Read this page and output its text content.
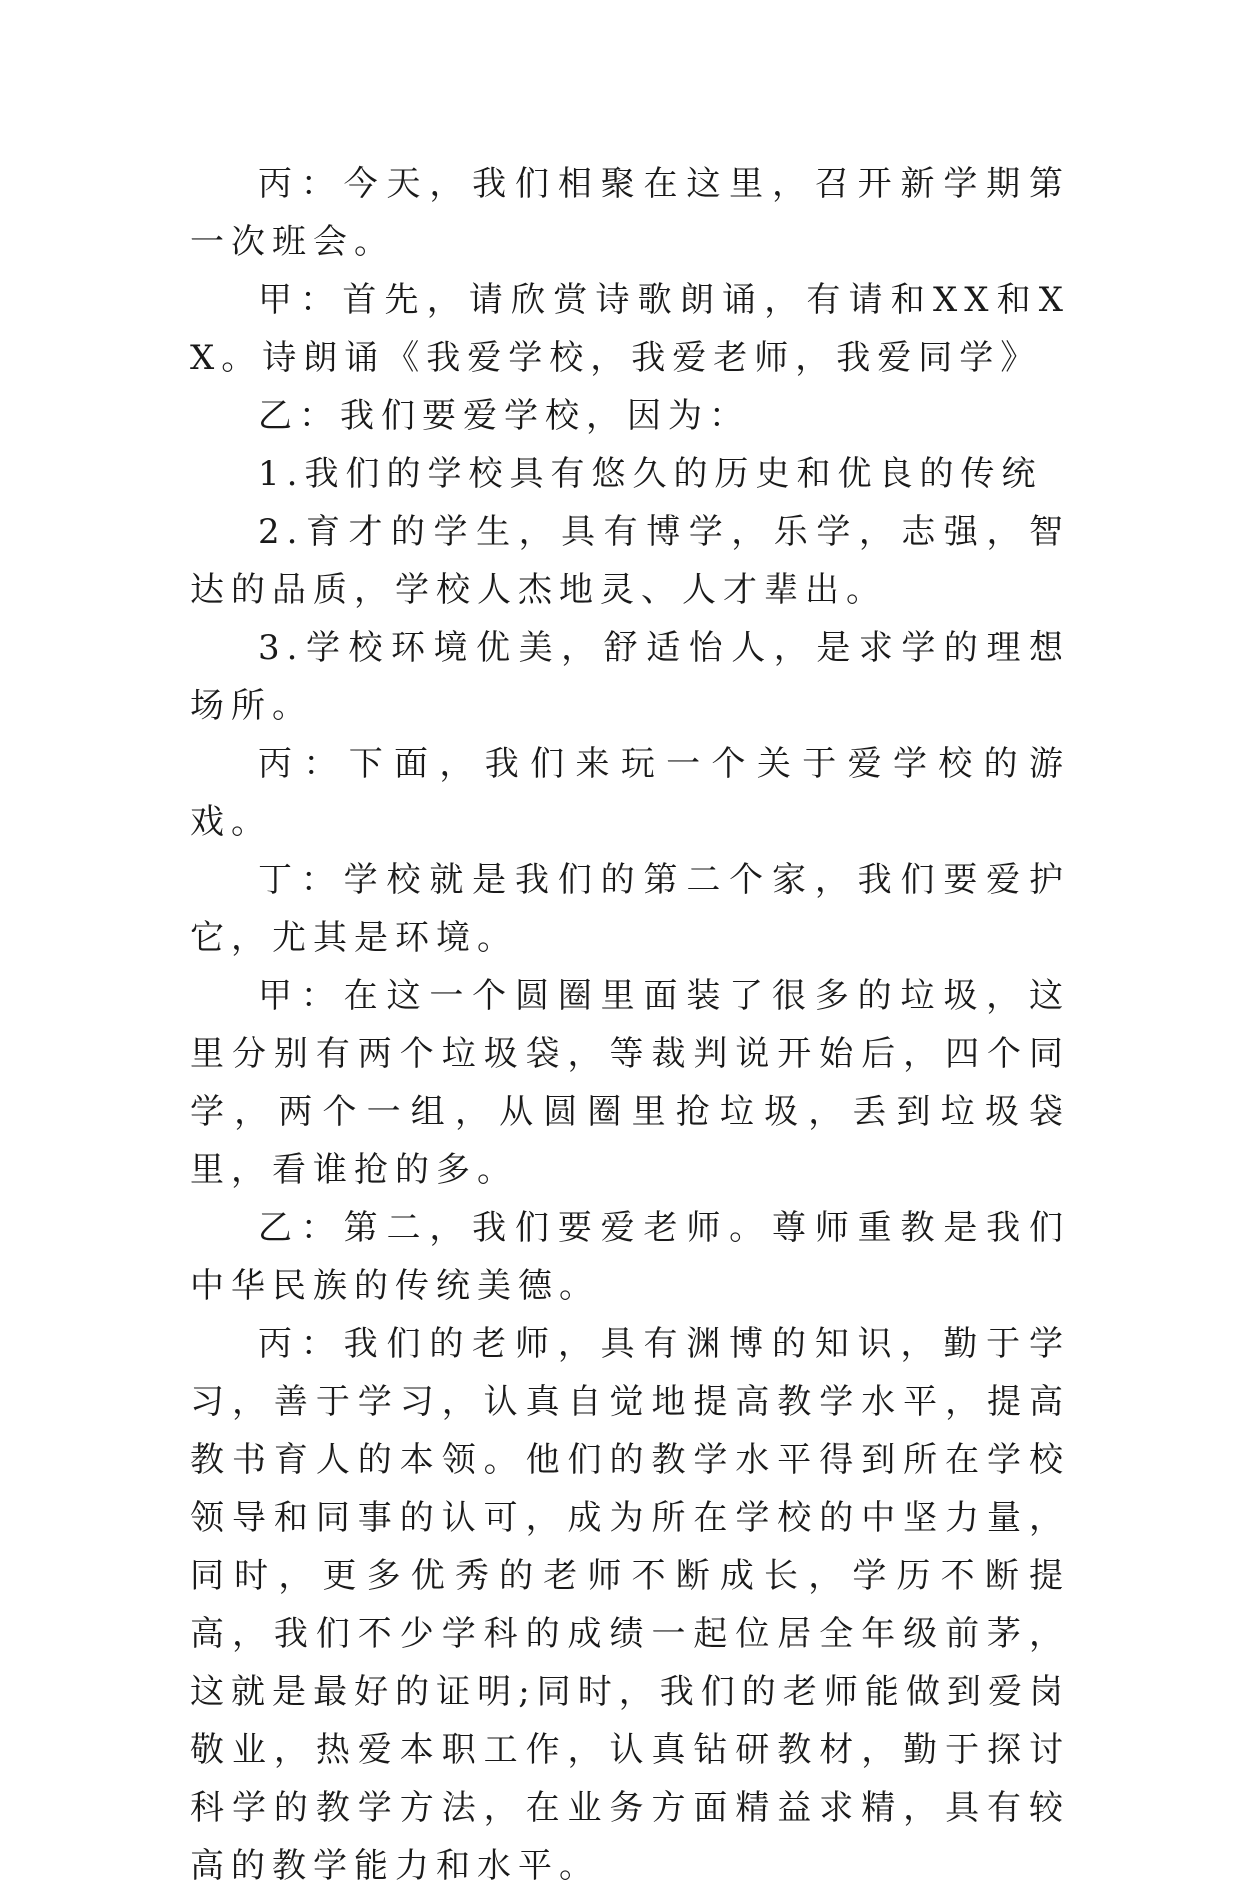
丙：今天，我们相聚在这里，召开新学期第一次班会。

甲：首先，请欣赏诗歌朗诵，有请和XX和XX。诗朗诵《我爱学校，我爱老师，我爱同学》

乙：我们要爱学校，因为：

1.我们的学校具有悠久的历史和优良的传统

2.育才的学生，具有博学，乐学，志强，智达的品质，学校人杰地灵、人才辈出。

3.学校环境优美，舒适怡人，是求学的理想场所。

丙：下面，我们来玩一个关于爱学校的游戏。

丁：学校就是我们的第二个家，我们要爱护它，尤其是环境。

甲：在这一个圆圈里面装了很多的垃圾，这里分别有两个垃圾袋，等裁判说开始后，四个同学，两个一组，从圆圈里抢垃圾，丢到垃圾袋里，看谁抢的多。

乙：第二，我们要爱老师。尊师重教是我们中华民族的传统美德。

丙：我们的老师，具有渊博的知识，勤于学习，善于学习，认真自觉地提高教学水平，提高教书育人的本领。他们的教学水平得到所在学校领导和同事的认可，成为所在学校的中坚力量，同时，更多优秀的老师不断成长，学历不断提高，我们不少学科的成绩一起位居全年级前茅，这就是最好的证明;同时，我们的老师能做到爱岗敬业，热爱本职工作，认真钻研教材，勤于探讨科学的教学方法，在业务方面精益求精，具有较高的教学能力和水平。
